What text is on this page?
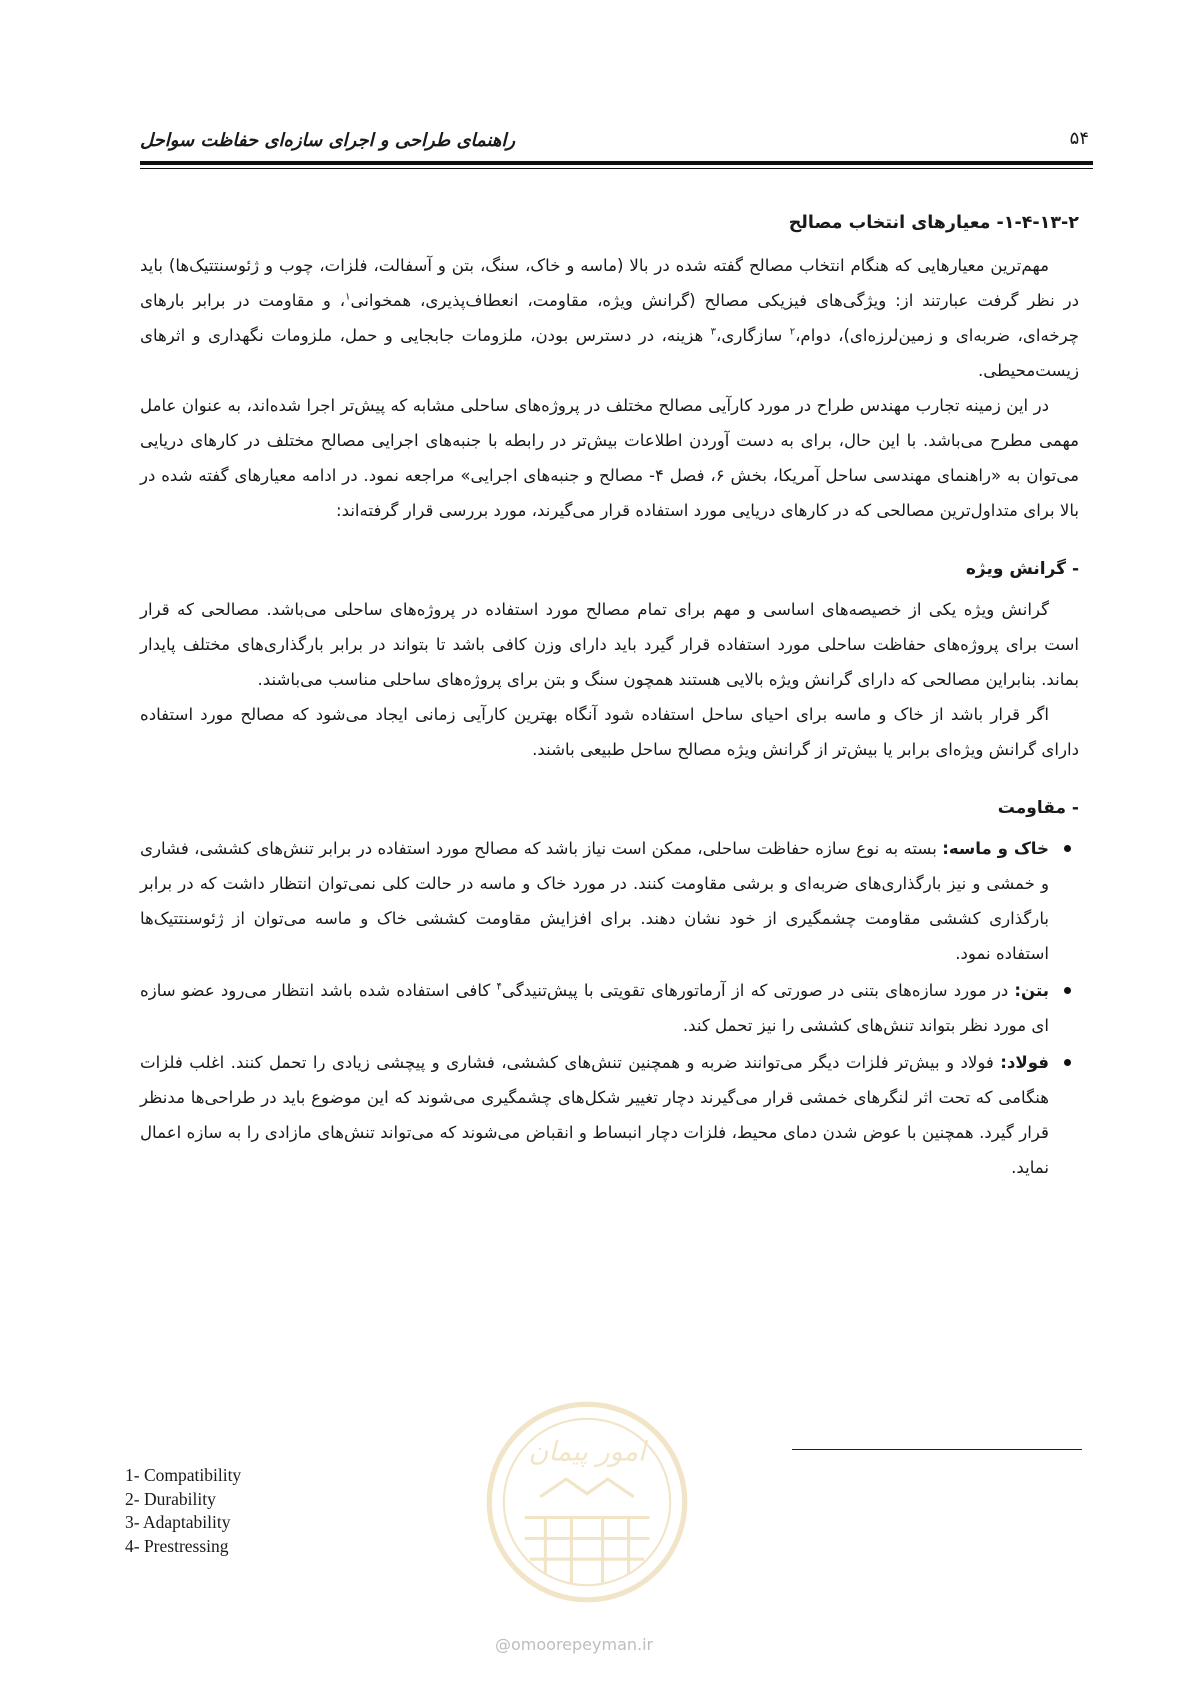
راهنمای طراحی و اجرای سازه‌ای حفاظت سواحل	۵۴
۱-۴-۱۳-۲- معیارهای انتخاب مصالح

مهم‌ترین معیارهایی که هنگام انتخاب مصالح گفته شده در بالا (ماسه و خاک، سنگ، بتن و آسفالت، فلزات، چوب و ژئوسنتتیک‌ها) باید در نظر گرفت عبارتند از: ویژگی‌های فیزیکی مصالح (گرانش ویژه، مقاومت، انعطاف‌پذیری، همخوانی$^۱$، و مقاومت در برابر بارهای چرخه‌ای، ضربه‌ای و زمین‌لرزه‌ای)، دوام،$^۲$ سازگاری،$^۳$ هزینه، در دسترس بودن، ملزومات جابجایی و حمل، ملزومات نگهداری و اثرهای زیست‌محیطی.

در این زمینه تجارب مهندس طراح در مورد کارآیی مصالح مختلف در پروژه‌های ساحلی مشابه که پیش‌تر اجرا شده‌اند، به عنوان عامل مهمی مطرح می‌باشد. با این حال، برای به دست آوردن اطلاعات بیش‌تر در رابطه با جنبه‌های اجرایی مصالح مختلف در کارهای دریایی می‌توان به «راهنمای مهندسی ساحل آمریکا، بخش ۶، فصل ۴- مصالح و جنبه‌های اجرایی» مراجعه نمود. در ادامه معیارهای گفته شده در بالا برای متداول‌ترین مصالحی که در کارهای دریایی مورد استفاده قرار می‌گیرند، مورد بررسی قرار گرفته‌اند:

- گرانش ویژه

گرانش ویژه یکی از خصیصه‌های اساسی و مهم برای تمام مصالح مورد استفاده در پروژه‌های ساحلی می‌باشد. مصالحی که قرار است برای پروژه‌های حفاظت ساحلی مورد استفاده قرار گیرد باید دارای وزن کافی باشد تا بتواند در برابر بارگذاری‌های مختلف پایدار بماند. بنابراین مصالحی که دارای گرانش ویژه بالایی هستند همچون سنگ و بتن برای پروژه‌های ساحلی مناسب می‌باشند.

اگر قرار باشد از خاک و ماسه برای احیای ساحل استفاده شود آنگاه بهترین کارآیی زمانی ایجاد می‌شود که مصالح مورد استفاده دارای گرانش ویژه‌ای برابر یا بیش‌تر از گرانش ویژه مصالح ساحل طبیعی باشند.

- مقاومت
خاک و ماسه: بسته به نوع سازه حفاظت ساحلی، ممکن است نیاز باشد که مصالح مورد استفاده در برابر تنش‌های کششی، فشاری و خمشی و نیز بارگذاری‌های ضربه‌ای و برشی مقاومت کنند. در مورد خاک و ماسه در حالت کلی نمی‌توان انتظار داشت که در برابر بارگذاری کششی مقاومت چشمگیری از خود نشان دهند. برای افزایش مقاومت کششی خاک و ماسه می‌توان از ژئوسنتتیک‌ها استفاده نمود.
بتن: در مورد سازه‌های بتنی در صورتی که از آرماتورهای تقویتی با پیش‌تنیدگی$^۴$ کافی استفاده شده باشد انتظار می‌رود عضو سازه ای مورد نظر بتواند تنش‌های کششی را نیز تحمل کند.
فولاد: فولاد و بیش‌تر فلزات دیگر می‌توانند ضربه و همچنین تنش‌های کششی، فشاری و پیچشی زیادی را تحمل کنند. اغلب فلزات هنگامی که تحت اثر لنگرهای خمشی قرار می‌گیرند دچار تغییر شکل‌های چشمگیری می‌شوند که این موضوع باید در طراحی‌ها مدنظر قرار گیرد. همچنین با عوض شدن دمای محیط، فلزات دچار انبساط و انقباض می‌شوند که می‌تواند تنش‌های مازادی را به سازه اعمال نماید.
1- Compatibility
2- Durability
3- Adaptability
4- Prestressing
امور پیمان
@omoorepeyman.ir
